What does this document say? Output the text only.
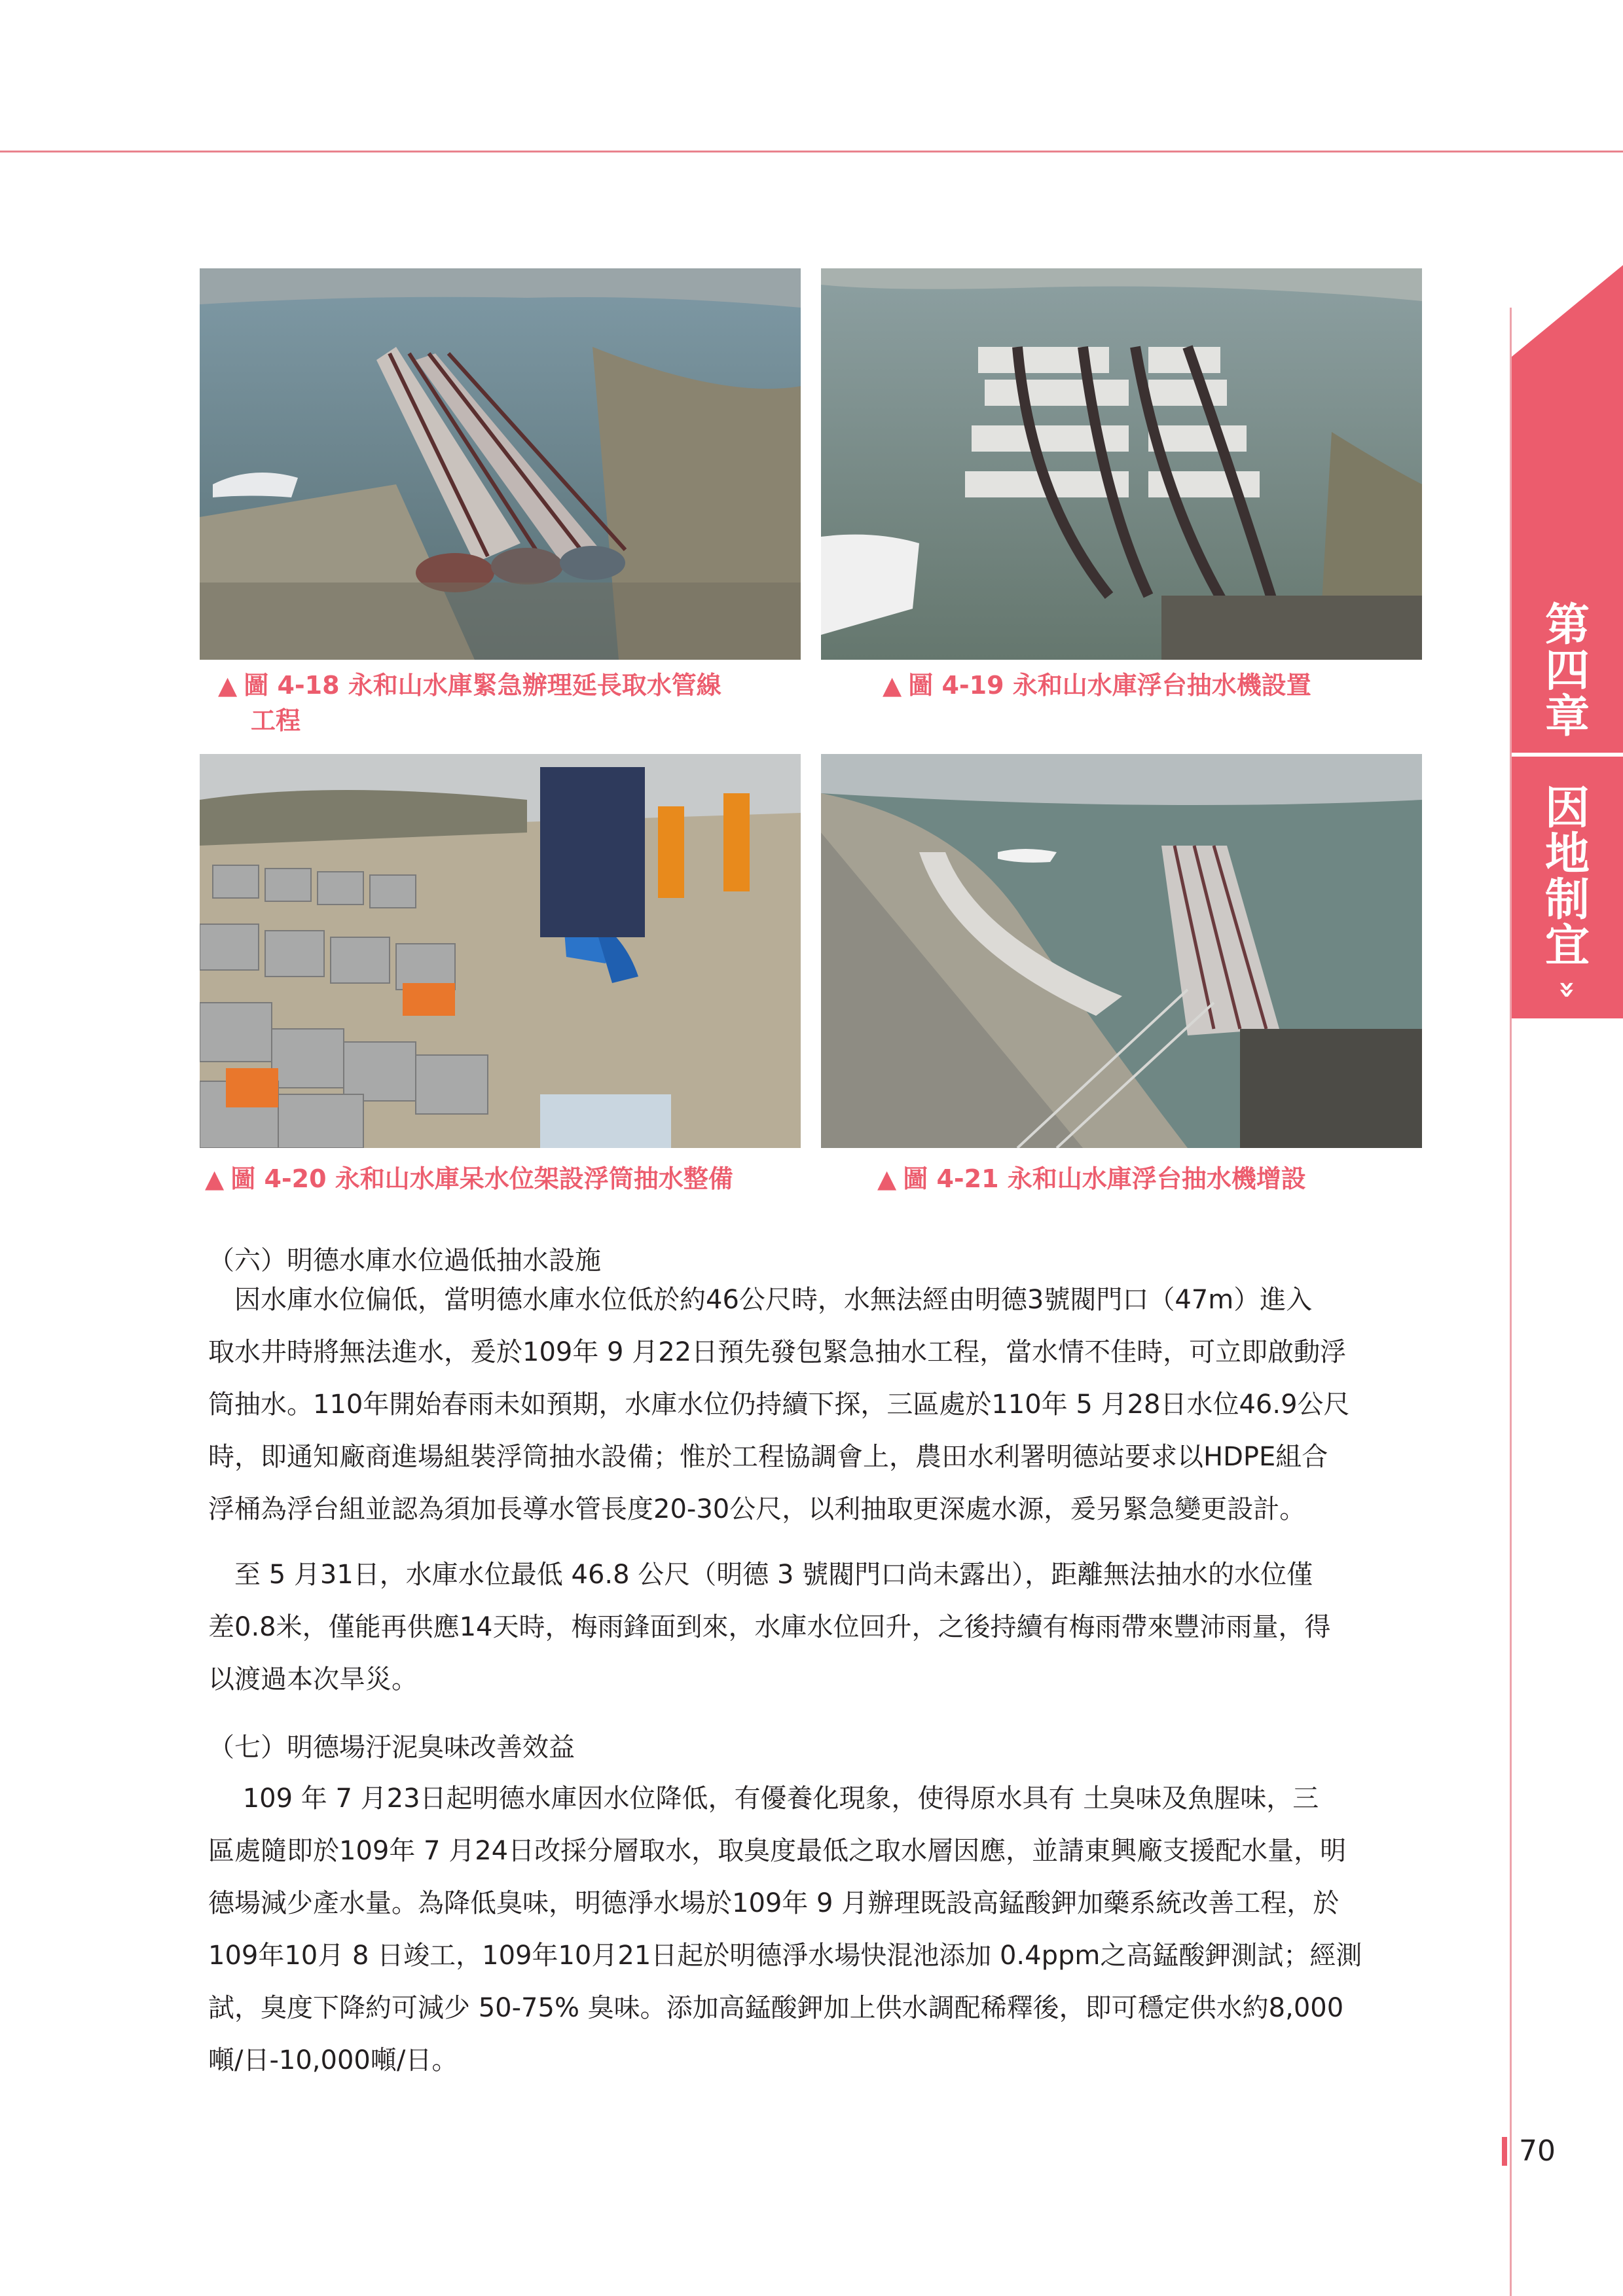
第
四
章
因
地
制
宜
»
▲ 圖 4-18 永和山水庫緊急辦理延長取水管線
工程
▲ 圖 4-19 永和山水庫浮台抽水機設置
▲ 圖 4-20 永和山水庫呆水位架設浮筒抽水整備	▲ 圖 4-21 永和山水庫浮台抽水機增設
（六）明德水庫水位過低抽水設施
　因水庫水位偏低，當明德水庫水位低於約46公尺時，水無法經由明德3號閥門口（47m）進入
取水井時將無法進水，爰於109年 9 月22日預先發包緊急抽水工程，當水情不佳時，可立即啟動浮
筒抽水。110年開始春雨未如預期，水庫水位仍持續下探，三區處於110年 5 月28日水位46.9公尺
時，即通知廠商進場組裝浮筒抽水設備；惟於工程協調會上，農田水利署明德站要求以HDPE組合
浮桶為浮台組並認為須加長導水管長度20-30公尺，以利抽取更深處水源，爰另緊急變更設計。
　至 5 月31日，水庫水位最低 46.8 公尺（明德 3 號閥門口尚未露出），距離無法抽水的水位僅
差0.8米，僅能再供應14天時，梅雨鋒面到來，水庫水位回升，之後持續有梅雨帶來豐沛雨量，得
以渡過本次旱災。
（七）明德場汙泥臭味改善效益
　 109 年 7 月23日起明德水庫因水位降低，有優養化現象，使得原水具有 土臭味及魚腥味，三
區處隨即於109年 7 月24日改採分層取水，取臭度最低之取水層因應，並請東興廠支援配水量，明
德場減少產水量。為降低臭味，明德淨水場於109年 9 月辦理既設高錳酸鉀加藥系統改善工程，於
109年10月 8 日竣工，109年10月21日起於明德淨水場快混池添加 0.4ppm之高錳酸鉀測試；經測
試，臭度下降約可減少 50-75% 臭味。添加高錳酸鉀加上供水調配稀釋後，即可穩定供水約8,000
噸/日-10,000噸/日。
70
